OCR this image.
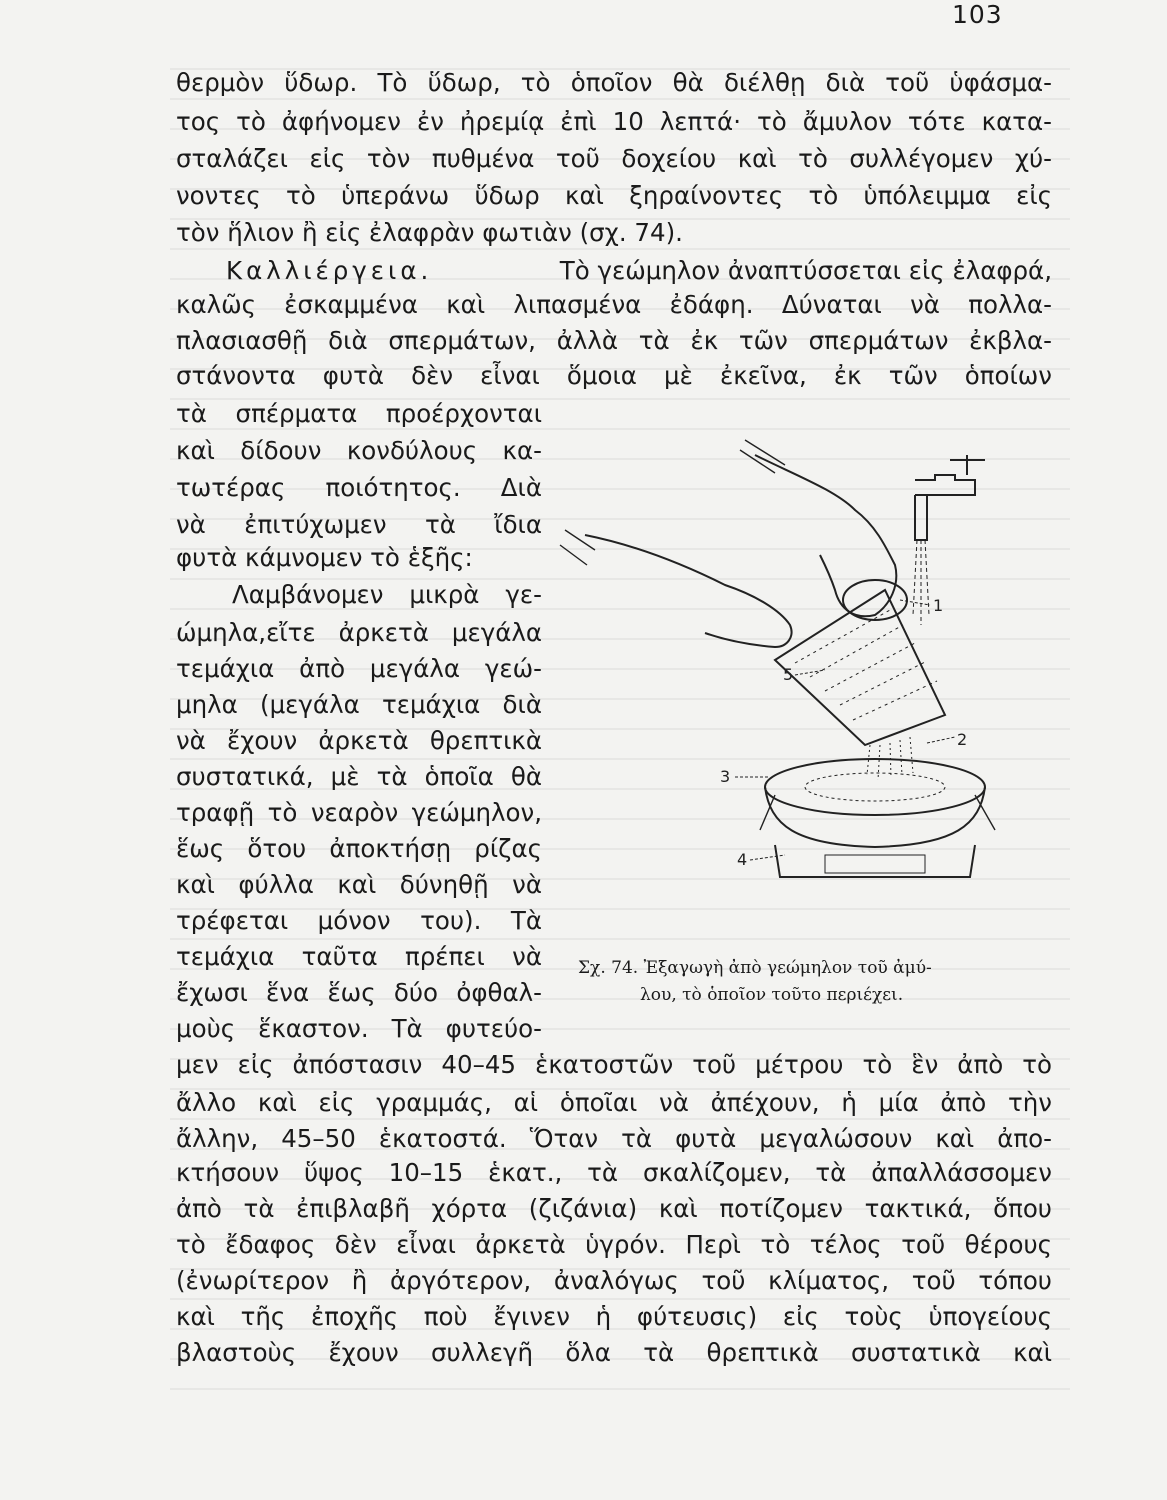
103
θερμὸν ὕδωρ. Τὸ ὕδωρ, τὸ ὁποῖον θὰ διέλθῃ διὰ τοῦ ὑφάσμα-
τος τὸ ἀφήνομεν ἐν ἠρεμίᾳ ἐπὶ 10 λεπτά· τὸ ἄμυλον τότε κατα-
σταλάζει εἰς τὸν πυθμένα τοῦ δοχείου καὶ τὸ συλλέγομεν χύ-
νοντες τὸ ὑπεράνω ὕδωρ καὶ ξηραίνοντες τὸ ὑπόλειμμα εἰς
τὸν ἥλιον ἢ εἰς ἐλαφρὰν φωτιὰν (σχ. 74).
Καλλιέργεια.	Τὸ γεώμηλον ἀναπτύσσεται εἰς ἐλαφρά,
καλῶς ἐσκαμμένα καὶ λιπασμένα ἐδάφη. Δύναται νὰ πολλα-
πλασιασθῇ διὰ σπερμάτων, ἀλλὰ τὰ ἐκ τῶν σπερμάτων ἐκβλα-
στάνοντα φυτὰ δὲν εἶναι ὅμοια μὲ ἐκεῖνα, ἐκ τῶν ὁποίων
τὰ σπέρματα προέρχονται
καὶ δίδουν κονδύλους κα-
τωτέρας ποιότητος. Διὰ
νὰ ἐπιτύχωμεν τὰ ἴδια
φυτὰ κάμνομεν τὸ ἑξῆς:
Λαμβάνομεν μικρὰ γε-
ώμηλα,εἴτε ἀρκετὰ μεγάλα
τεμάχια ἀπὸ μεγάλα γεώ-
μηλα (μεγάλα τεμάχια διὰ
νὰ ἔχουν ἀρκετὰ θρεπτικὰ
συστατικά, μὲ τὰ ὁποῖα θὰ
τραφῇ τὸ νεαρὸν γεώμηλον,
ἕως ὅτου ἀποκτήσῃ ρίζας
καὶ φύλλα καὶ δύνηθῇ νὰ
τρέφεται μόνον του). Τὰ
τεμάχια ταῦτα πρέπει νὰ
ἔχωσι ἕνα ἕως δύο ὀφθαλ-
μοὺς ἕκαστον. Τὰ φυτεύο-
1
2
3
4
5
Σχ. 74. Ἐξαγωγὴ ἀπὸ γεώμηλον τοῦ ἀμύ-
λου, τὸ ὁποῖον τοῦτο περιέχει.
μεν εἰς ἀπόστασιν 40–45 ἑκατοστῶν τοῦ μέτρου τὸ ἓν ἀπὸ τὸ
ἄλλο καὶ εἰς γραμμάς, αἱ ὁποῖαι νὰ ἀπέχουν, ἡ μία ἀπὸ τὴν
ἄλλην, 45–50 ἑκατοστά. Ὅταν τὰ φυτὰ μεγαλώσουν καὶ ἀπο-
κτήσουν ὕψος 10–15 ἑκατ., τὰ σκαλίζομεν, τὰ ἀπαλλάσσομεν
ἀπὸ τὰ ἐπιβλαβῆ χόρτα (ζιζάνια) καὶ ποτίζομεν τακτικά, ὅπου
τὸ ἔδαφος δὲν εἶναι ἀρκετὰ ὑγρόν. Περὶ τὸ τέλος τοῦ θέρους
(ἐνωρίτερον ἢ ἀργότερον, ἀναλόγως τοῦ κλίματος, τοῦ τόπου
καὶ τῆς ἐποχῆς ποὺ ἔγινεν ἡ φύτευσις) εἰς τοὺς ὑπογείους
βλαστοὺς ἔχουν συλλεγῆ ὅλα τὰ θρεπτικὰ συστατικὰ καὶ
